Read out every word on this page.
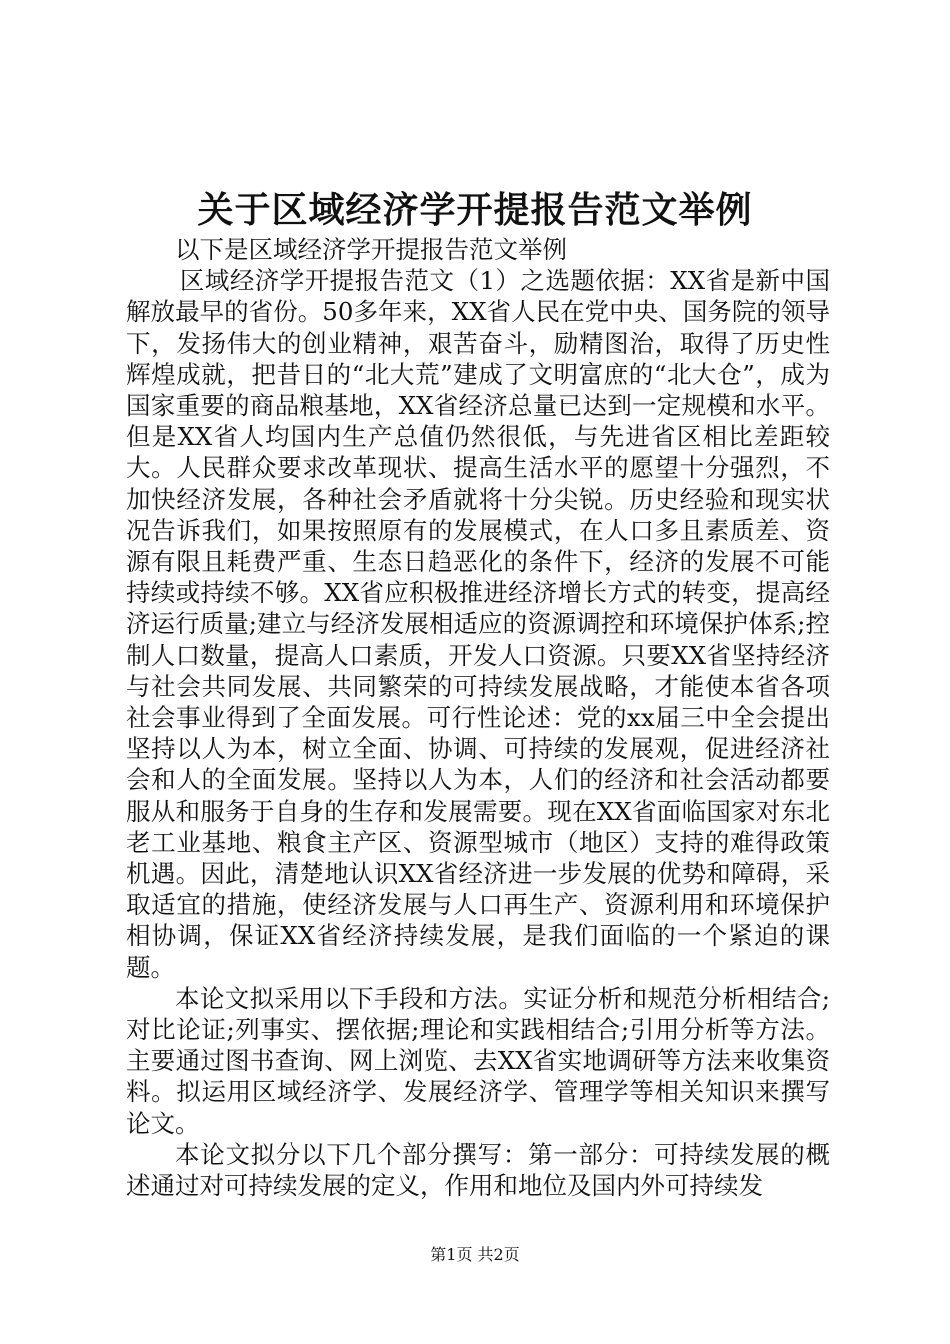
关于区域经济学开提报告范文举例

以下是区域经济学开提报告范文举例

区域经济学开提报告范文（1）之选题依据：XX省是新中国解放最早的省份。50多年来，XX省人民在党中央、国务院的领导下，发扬伟大的创业精神，艰苦奋斗，励精图治，取得了历史性辉煌成就，把昔日的“北大荒”建成了文明富庶的“北大仓”，成为国家重要的商品粮基地，XX省经济总量已达到一定规模和水平。但是XX省人均国内生产总值仍然很低，与先进省区相比差距较大。人民群众要求改革现状、提高生活水平的愿望十分强烈，不加快经济发展，各种社会矛盾就将十分尖锐。历史经验和现实状况告诉我们，如果按照原有的发展模式，在人口多且素质差、资源有限且耗费严重、生态日趋恶化的条件下，经济的发展不可能持续或持续不够。XX省应积极推进经济增长方式的转变，提高经济运行质量;建立与经济发展相适应的资源调控和环境保护体系;控制人口数量，提高人口素质，开发人口资源。只要XX省坚持经济与社会共同发展、共同繁荣的可持续发展战略，才能使本省各项社会事业得到了全面发展。可行性论述：党的xx届三中全会提出坚持以人为本，树立全面、协调、可持续的发展观，促进经济社会和人的全面发展。坚持以人为本，人们的经济和社会活动都要服从和服务于自身的生存和发展需要。现在XX省面临国家对东北老工业基地、粮食主产区、资源型城市（地区）支持的难得政策机遇。因此，清楚地认识XX省经济进一步发展的优势和障碍，采取适宜的措施，使经济发展与人口再生产、资源利用和环境保护相协调，保证XX省经济持续发展，是我们面临的一个紧迫的课题。

本论文拟采用以下手段和方法。实证分析和规范分析相结合;对比论证;列事实、摆依据;理论和实践相结合;引用分析等方法。主要通过图书查询、网上浏览、去XX省实地调研等方法来收集资料。拟运用区域经济学、发展经济学、管理学等相关知识来撰写论文。

本论文拟分以下几个部分撰写：第一部分：可持续发展的概述通过对可持续发展的定义，作用和地位及国内外可持续发

第1页 共2页
